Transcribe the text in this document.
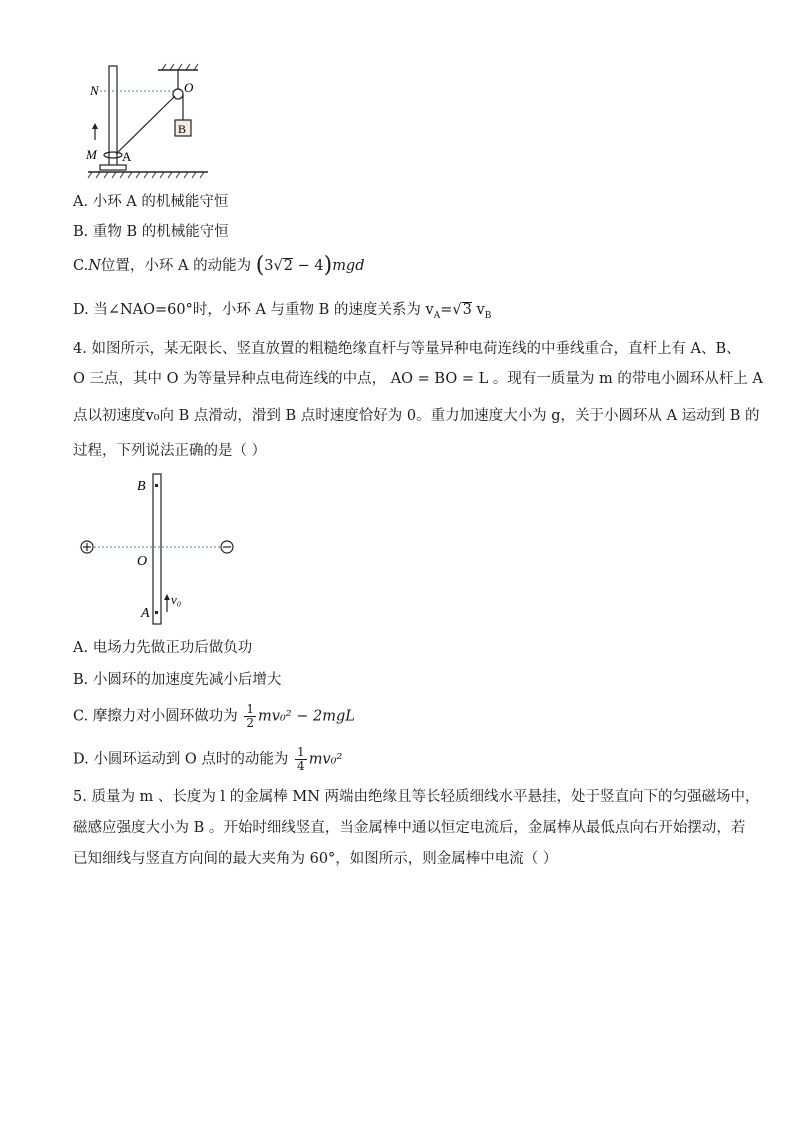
B
N	O
M A
A. 小环 A 的机械能守恒
B. 重物 B 的机械能守恒
C.N位置，小环 A 的动能为 (3√2 − 4)mgd
D. 当∠NAO=60°时，小环 A 与重物 B 的速度关系为 $v_A=√3$ $v_B$
4. 如图所示，某无限长、竖直放置的粗糙绝缘直杆与等量异种电荷连线的中垂线重合，直杆上有 A、B、
O 三点，其中 O 为等量异种点电荷连线的中点， AO = BO = L 。现有一质量为 m 的带电小圆环从杆上 A
点以初速度v₀向 B 点滑动，滑到 B 点时速度恰好为 0。重力加速度大小为 g，关于小圆环从 A 运动到 B 的
过程，下列说法正确的是（ ）
B
O
A
v₀
A. 电场力先做正功后做负功
B. 小圆环的加速度先减小后增大
C. 摩擦力对小圆环做功为 $\frac{1}{2} mv_0^2 - 2mgL$
D. 小圆环运动到 O 点时的动能为 $\frac{1}{4} mv_0^2$
5. 质量为 m 、长度为 l 的金属棒 MN 两端由绝缘且等长轻质细线水平悬挂，处于竖直向下的匀强磁场中，
磁感应强度大小为 B 。开始时细线竖直，当金属棒中通以恒定电流后，金属棒从最低点向右开始摆动，若
已知细线与竖直方向间的最大夹角为 60°，如图所示，则金属棒中电流（ ）
